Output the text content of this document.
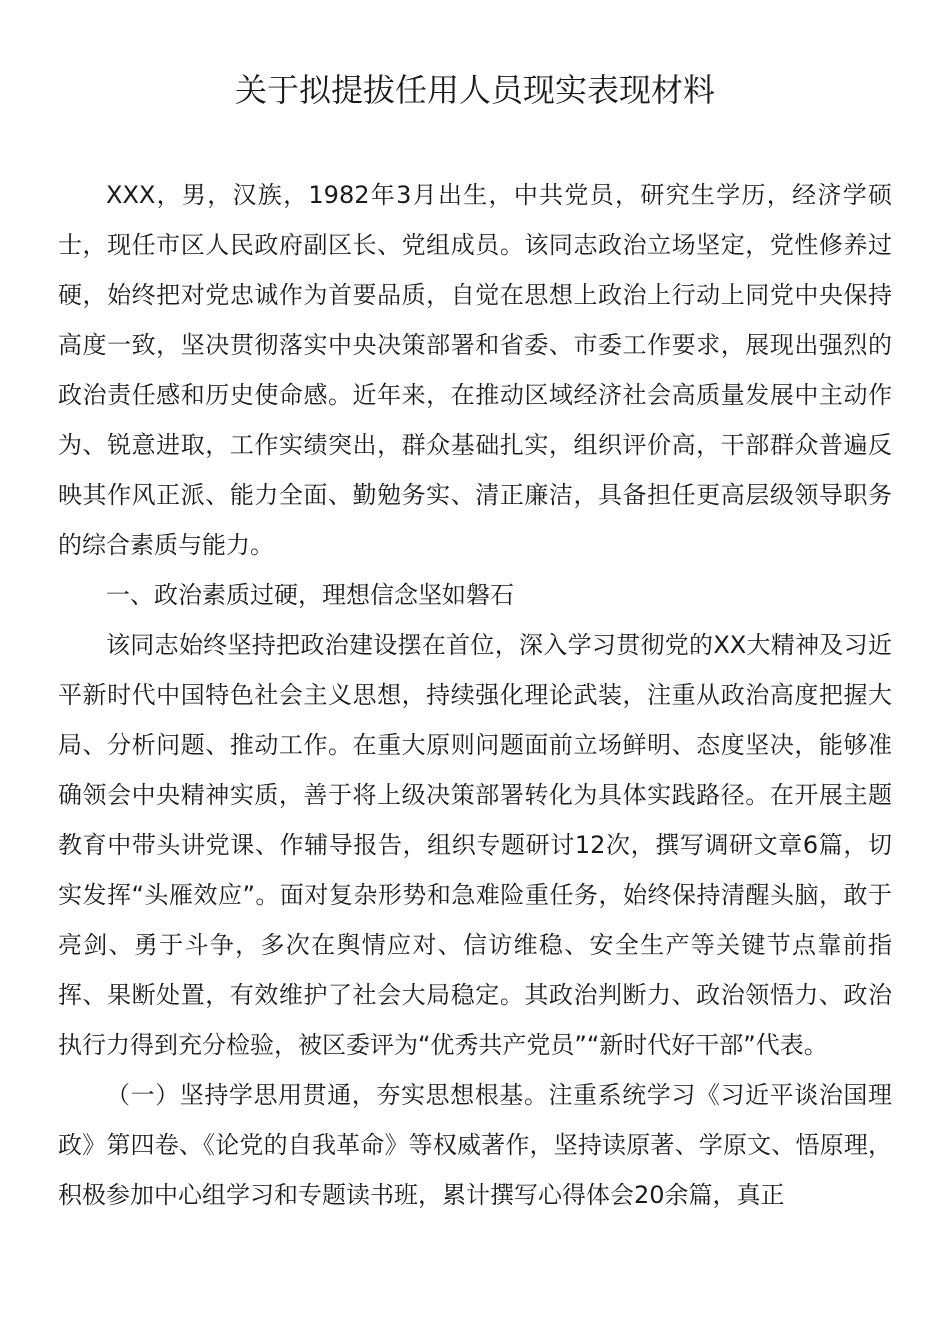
关于拟提拔任用人员现实表现材料

XXX，男，汉族，1982年3月出生，中共党员，研究生学历，经济学硕士，现任市区人民政府副区长、党组成员。该同志政治立场坚定，党性修养过硬，始终把对党忠诚作为首要品质，自觉在思想上政治上行动上同党中央保持高度一致，坚决贯彻落实中央决策部署和省委、市委工作要求，展现出强烈的政治责任感和历史使命感。近年来，在推动区域经济社会高质量发展中主动作为、锐意进取，工作实绩突出，群众基础扎实，组织评价高，干部群众普遍反映其作风正派、能力全面、勤勉务实、清正廉洁，具备担任更高层级领导职务的综合素质与能力。

一、政治素质过硬，理想信念坚如磐石

该同志始终坚持把政治建设摆在首位，深入学习贯彻党的XX大精神及习近平新时代中国特色社会主义思想，持续强化理论武装，注重从政治高度把握大局、分析问题、推动工作。在重大原则问题面前立场鲜明、态度坚决，能够准确领会中央精神实质，善于将上级决策部署转化为具体实践路径。在开展主题教育中带头讲党课、作辅导报告，组织专题研讨12次，撰写调研文章6篇，切实发挥“头雁效应”。面对复杂形势和急难险重任务，始终保持清醒头脑，敢于亮剑、勇于斗争，多次在舆情应对、信访维稳、安全生产等关键节点靠前指挥、果断处置，有效维护了社会大局稳定。其政治判断力、政治领悟力、政治执行力得到充分检验，被区委评为“优秀共产党员”“新时代好干部”代表。

（一）坚持学思用贯通，夯实思想根基。注重系统学习《习近平谈治国理政》第四卷、《论党的自我革命》等权威著作，坚持读原著、学原文、悟原理，积极参加中心组学习和专题读书班，累计撰写心得体会20余篇，真正
